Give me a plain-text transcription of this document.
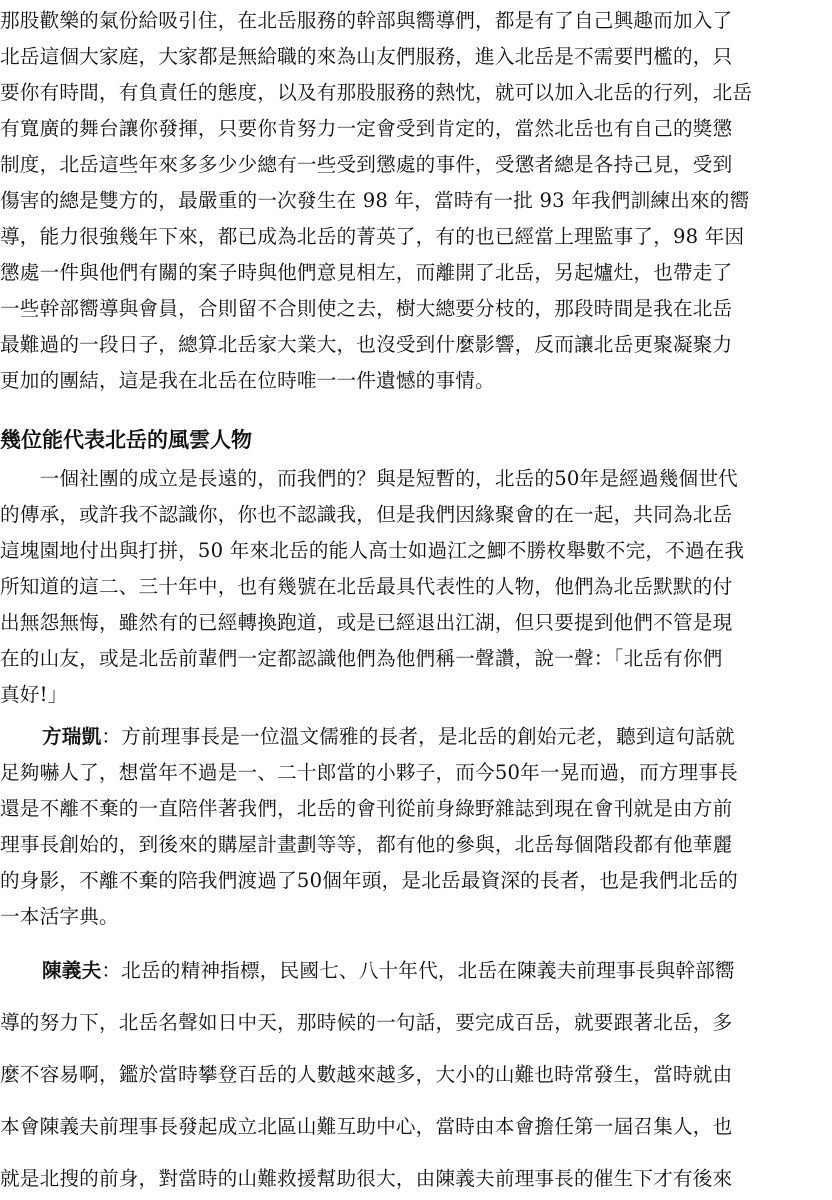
那股歡樂的氣份給吸引住，在北岳服務的幹部與嚮導們，都是有了自己興趣而加入了
北岳這個大家庭，大家都是無給職的來為山友們服務，進入北岳是不需要門檻的，只
要你有時間，有負責任的態度，以及有那股服務的熱忱，就可以加入北岳的行列，北岳
有寬廣的舞台讓你發揮，只要你肯努力一定會受到肯定的，當然北岳也有自己的獎懲
制度，北岳這些年來多多少少總有一些受到懲處的事件，受懲者總是各持己見，受到
傷害的總是雙方的，最嚴重的一次發生在 98 年，當時有一批 93 年我們訓練出來的嚮
導，能力很強幾年下來，都已成為北岳的菁英了，有的也已經當上理監事了，98 年因
懲處一件與他們有關的案子時與他們意見相左，而離開了北岳，另起爐灶，也帶走了
一些幹部嚮導與會員，合則留不合則使之去，樹大總要分枝的，那段時間是我在北岳
最難過的一段日子，總算北岳家大業大，也沒受到什麼影響，反而讓北岳更聚凝聚力
更加的團結，這是我在北岳在位時唯一一件遺憾的事情。
幾位能代表北岳的風雲人物
　　一個社團的成立是長遠的，而我們的？與是短暫的，北岳的50年是經過幾個世代
的傳承，或許我不認識你，你也不認識我，但是我們因緣聚會的在一起，共同為北岳
這塊園地付出與打拼，50 年來北岳的能人高士如過江之鯽不勝枚舉數不完，不過在我
所知道的這二、三十年中，也有幾號在北岳最具代表性的人物，他們為北岳默默的付
出無怨無悔，雖然有的已經轉換跑道，或是已經退出江湖，但只要提到他們不管是現
在的山友，或是北岳前輩們一定都認識他們為他們稱一聲讚，說一聲：「北岳有你們
真好!」
方瑞凱：方前理事長是一位溫文儒雅的長者，是北岳的創始元老，聽到這句話就
足夠嚇人了，想當年不過是一、二十郎當的小夥子，而今50年一晃而過，而方理事長
還是不離不棄的一直陪伴著我們，北岳的會刊從前身綠野雜誌到現在會刊就是由方前
理事長創始的，到後來的購屋計畫劃等等，都有他的參與，北岳每個階段都有他華麗
的身影，不離不棄的陪我們渡過了50個年頭，是北岳最資深的長者，也是我們北岳的
一本活字典。
陳義夫：北岳的精神指標，民國七、八十年代，北岳在陳義夫前理事長與幹部嚮
導的努力下，北岳名聲如日中天，那時候的一句話，要完成百岳，就要跟著北岳，多
麼不容易啊，鑑於當時攀登百岳的人數越來越多，大小的山難也時常發生，當時就由
本會陳義夫前理事長發起成立北區山難互助中心，當時由本會擔任第一屆召集人，也
就是北搜的前身，對當時的山難救援幫助很大，由陳義夫前理事長的催生下才有後來
